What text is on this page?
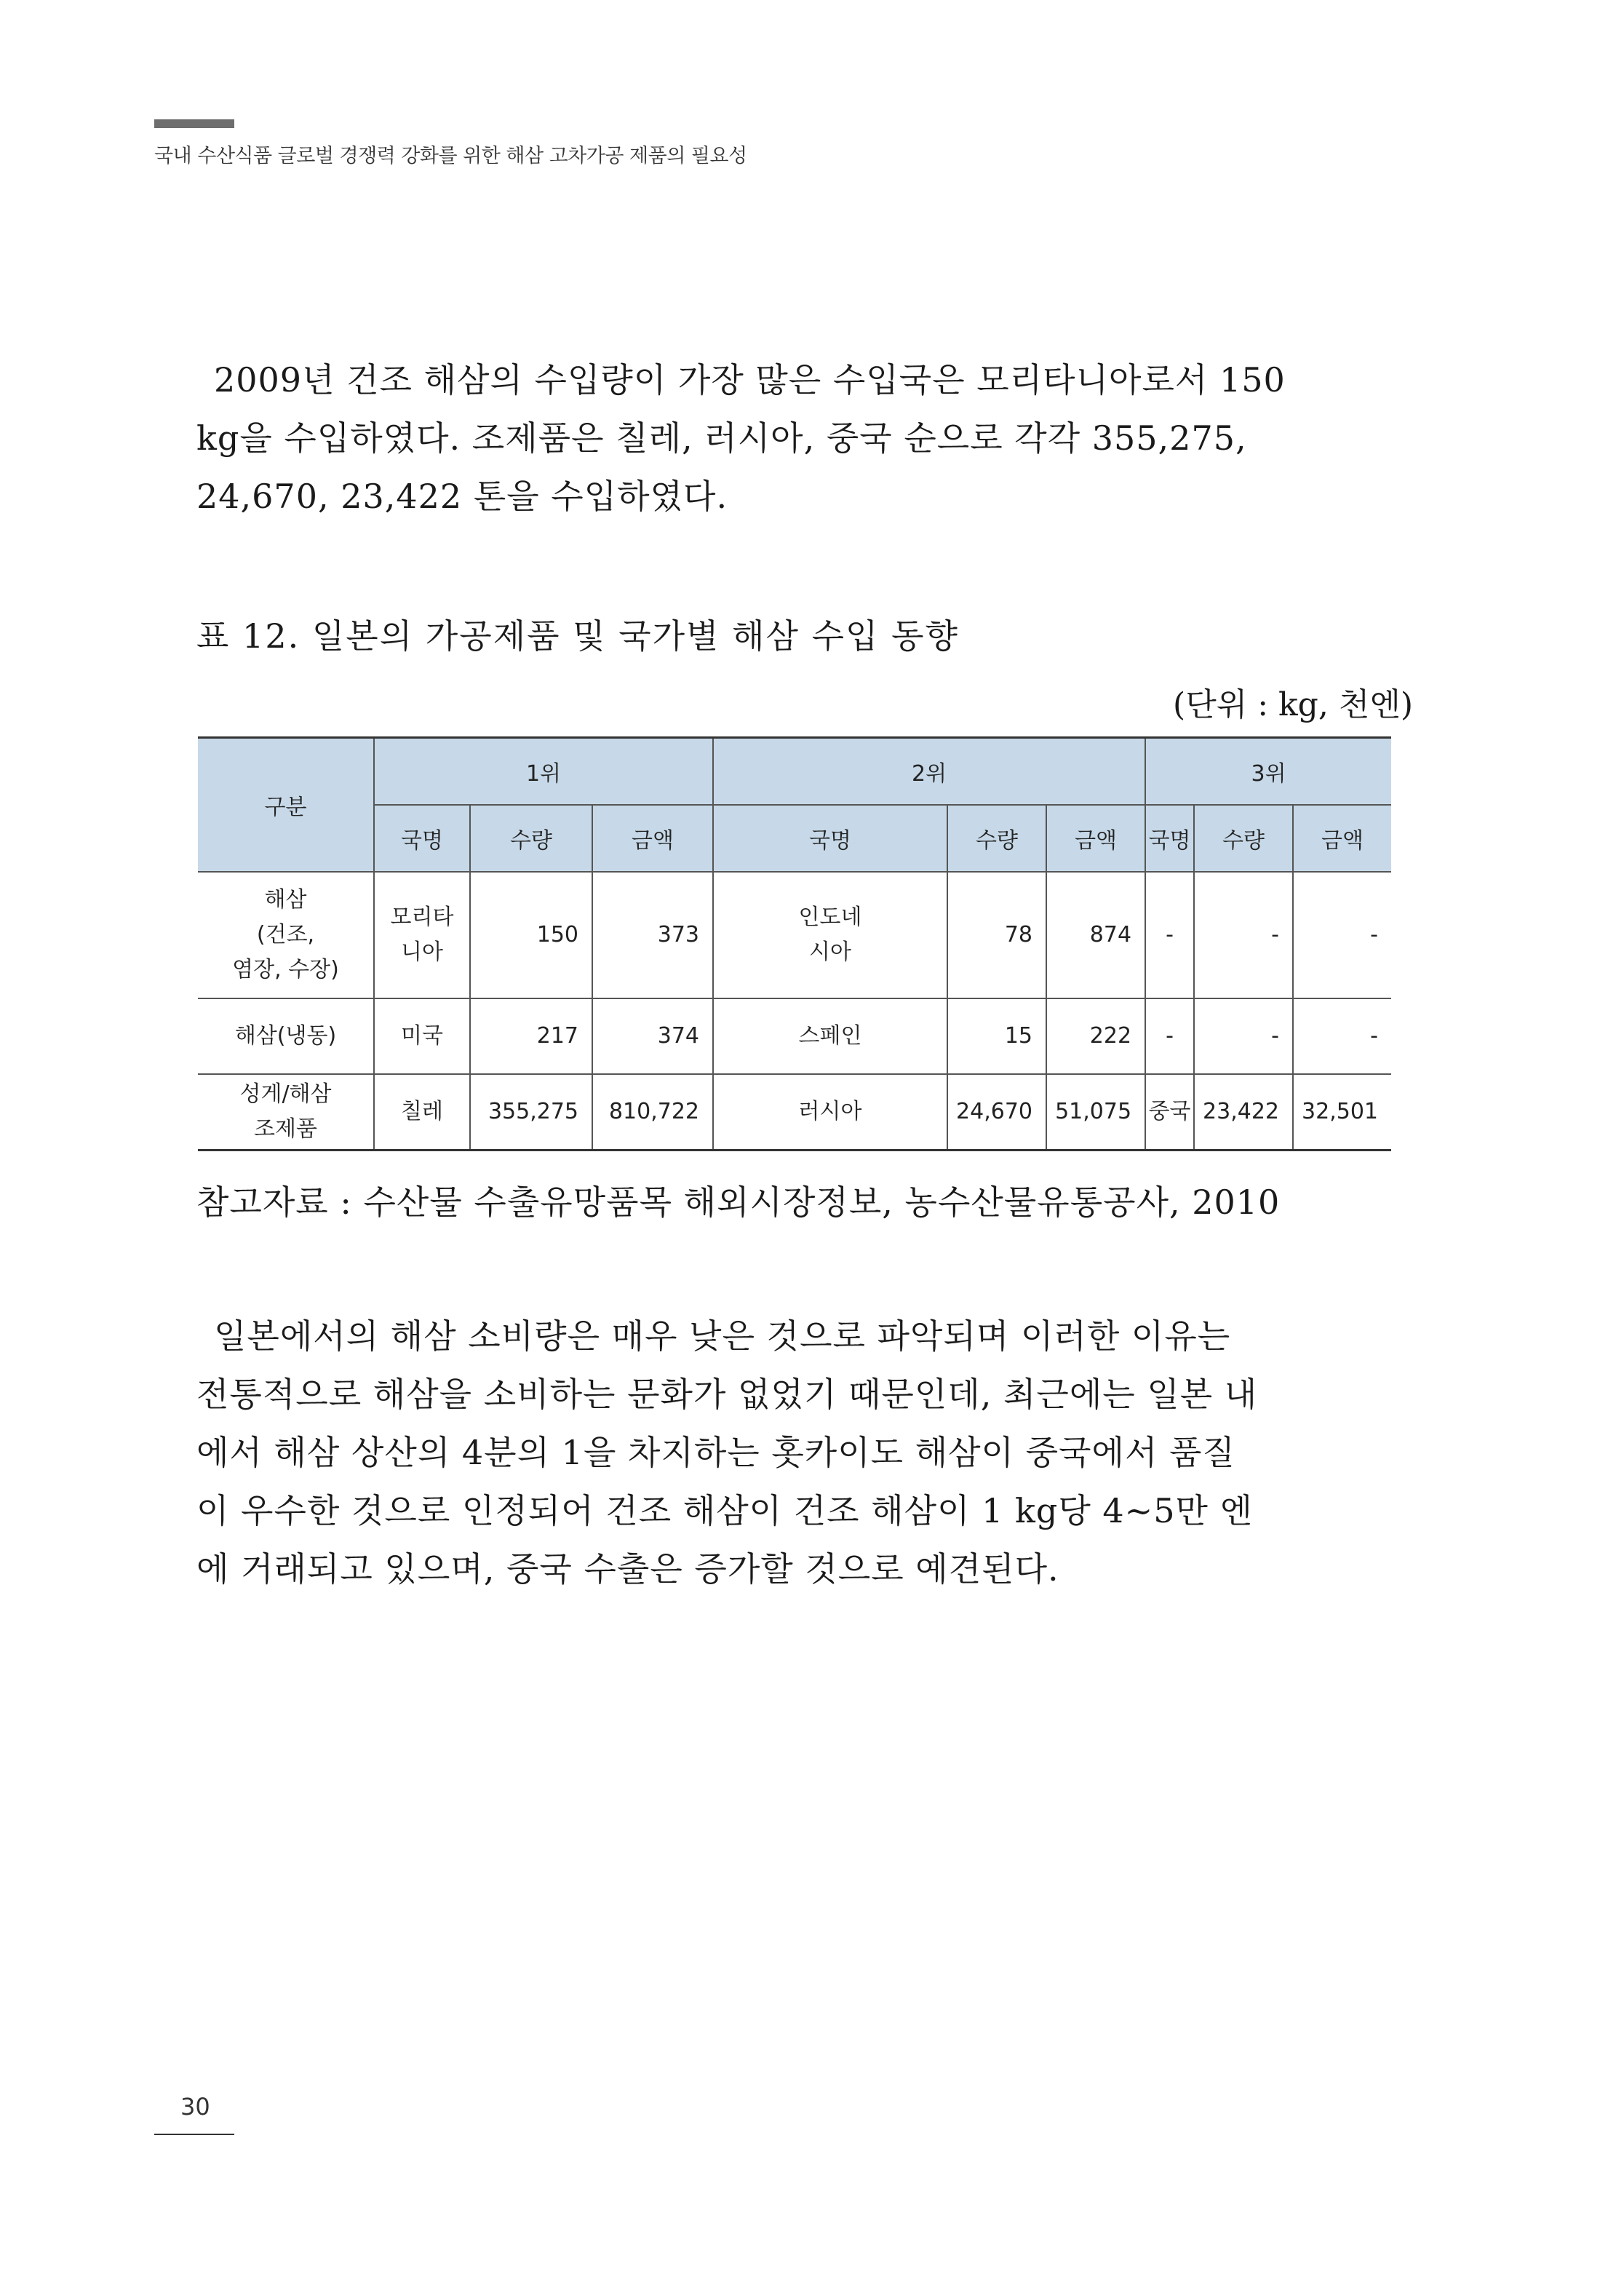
국내 수산식품 글로벌 경쟁력 강화를 위한 해삼 고차가공 제품의 필요성
2009년 건조 해삼의 수입량이 가장 많은 수입국은 모리타니아로서 150
kg을 수입하였다. 조제품은 칠레, 러시아, 중국 순으로 각각 355,275,
24,670, 23,422 톤을 수입하였다.
표 12. 일본의 가공제품 및 국가별 해삼 수입 동향
(단위 : kg, 천엔)
구분	1위			2위			3위		
	국명	수량	금액	국명	수량	금액	국명	수량	금액
해삼
(건조,
염장, 수장)	모리타
니아	150	373	인도네
시아	78	874	-	-	-
해삼(냉동)	미국	217	374	스페인	15	222	-	-	-
성게/해삼
조제품	칠레	355,275	810,722	러시아	24,670	51,075	중국	23,422	32,501
참고자료 : 수산물 수출유망품목 해외시장정보, 농수산물유통공사, 2010
일본에서의 해삼 소비량은 매우 낮은 것으로 파악되며 이러한 이유는
전통적으로 해삼을 소비하는 문화가 없었기 때문인데, 최근에는 일본 내
에서 해삼 상산의 4분의 1을 차지하는 홋카이도 해삼이 중국에서 품질
이 우수한 것으로 인정되어 건조 해삼이 건조 해삼이 1 kg당 4~5만 엔
에 거래되고 있으며, 중국 수출은 증가할 것으로 예견된다.
30
